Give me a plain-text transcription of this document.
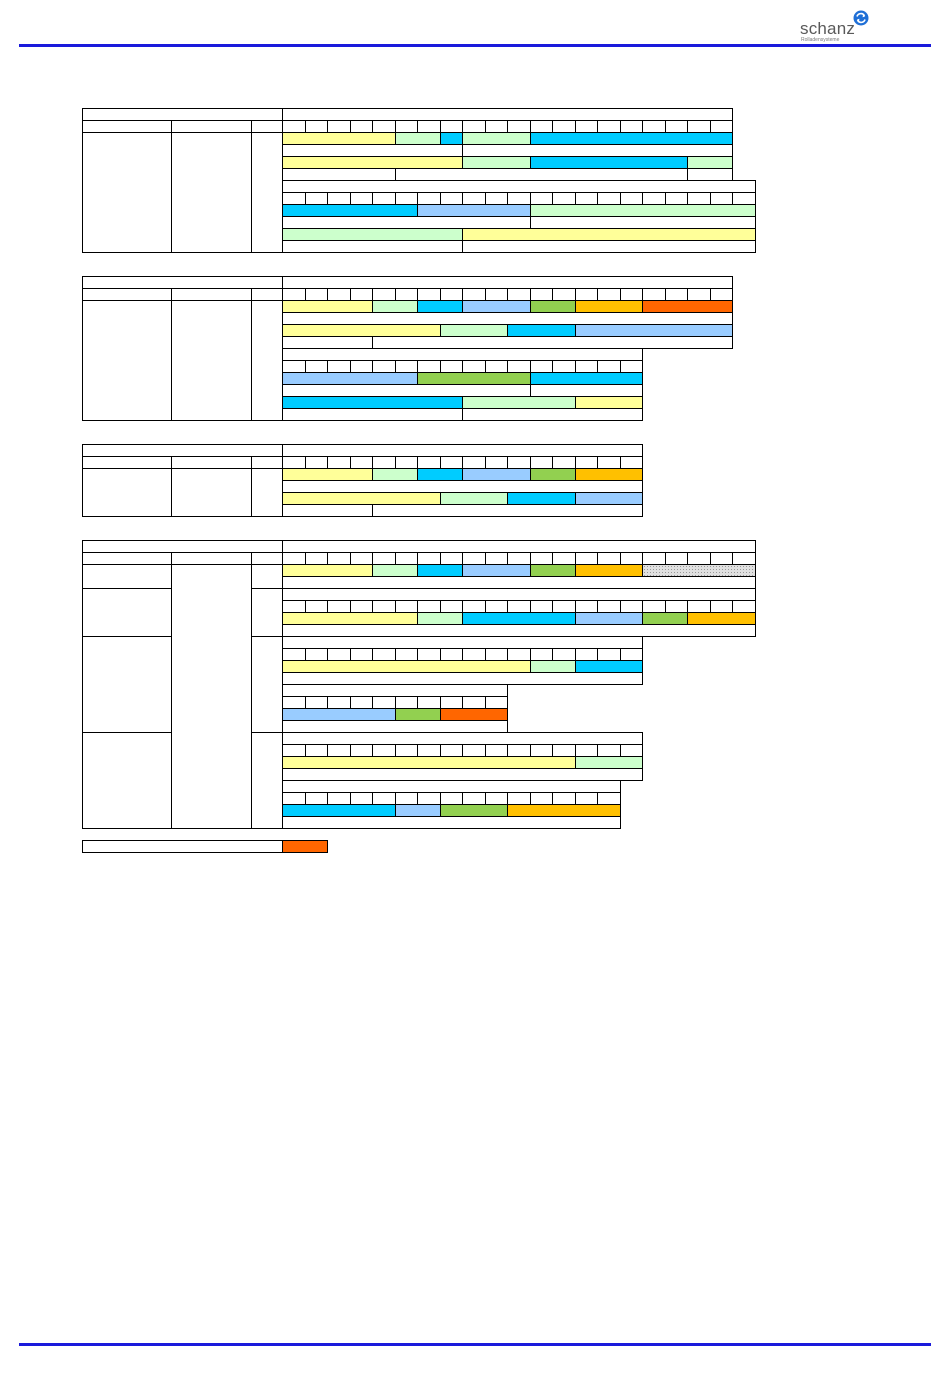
schanz
Rolladensysteme
